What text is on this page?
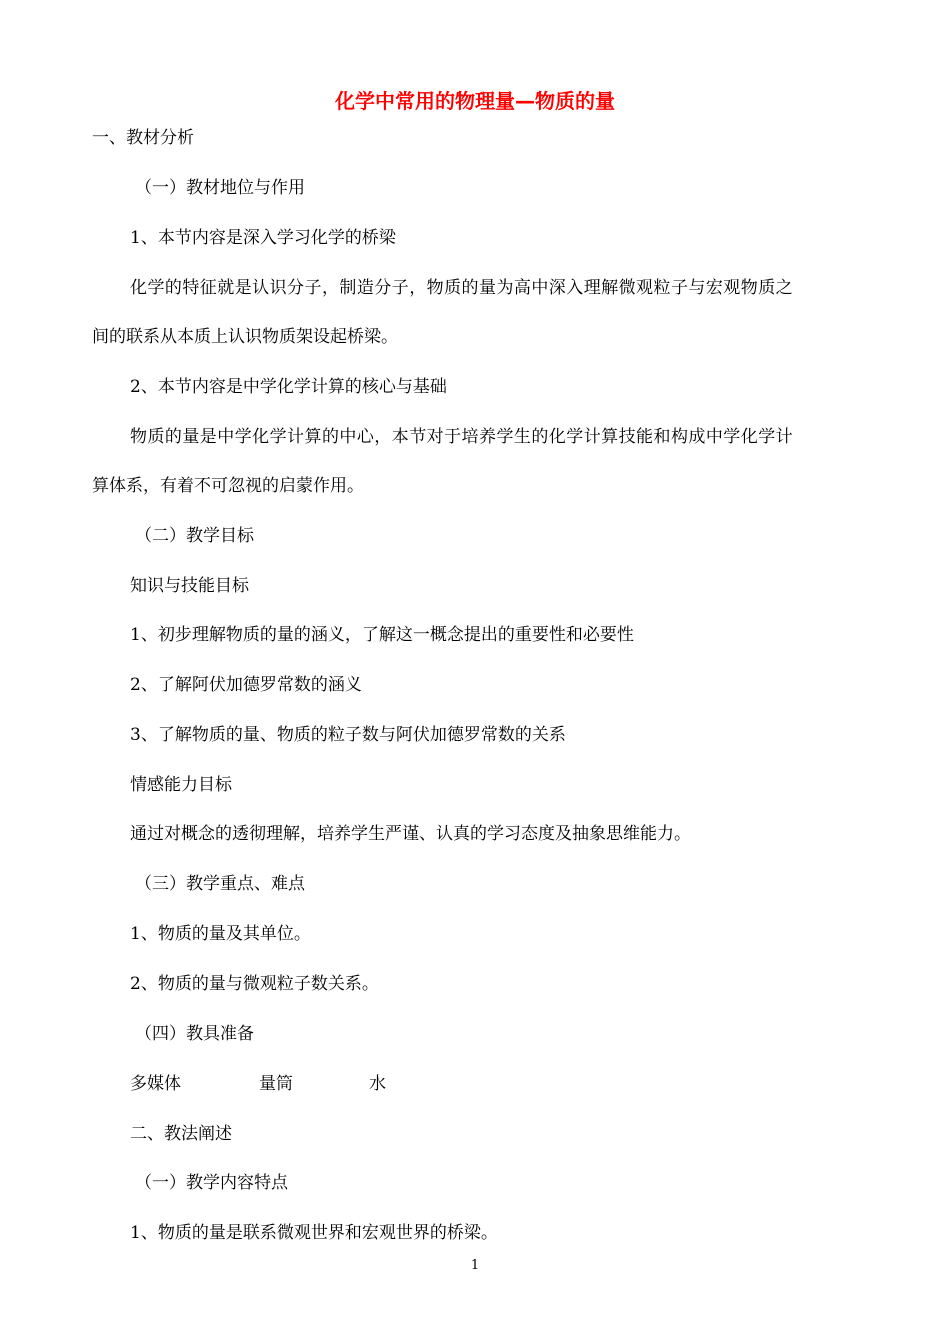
化学中常用的物理量—物质的量
一、教材分析
（一）教材地位与作用
1、本节内容是深入学习化学的桥梁
化学的特征就是认识分子，制造分子，物质的量为高中深入理解微观粒子与宏观物质之
间的联系从本质上认识物质架设起桥梁。
2、本节内容是中学化学计算的核心与基础
物质的量是中学化学计算的中心，本节对于培养学生的化学计算技能和构成中学化学计
算体系，有着不可忽视的启蒙作用。
（二）教学目标
知识与技能目标
1、初步理解物质的量的涵义，了解这一概念提出的重要性和必要性
2、了解阿伏加德罗常数的涵义
3、了解物质的量、物质的粒子数与阿伏加德罗常数的关系
情感能力目标
通过对概念的透彻理解，培养学生严谨、认真的学习态度及抽象思维能力。
（三）教学重点、难点
1、物质的量及其单位。
2、物质的量与微观粒子数关系。
（四）教具准备
多媒体	量筒	水
二、教法阐述
（一）教学内容特点
1、物质的量是联系微观世界和宏观世界的桥梁。
1
